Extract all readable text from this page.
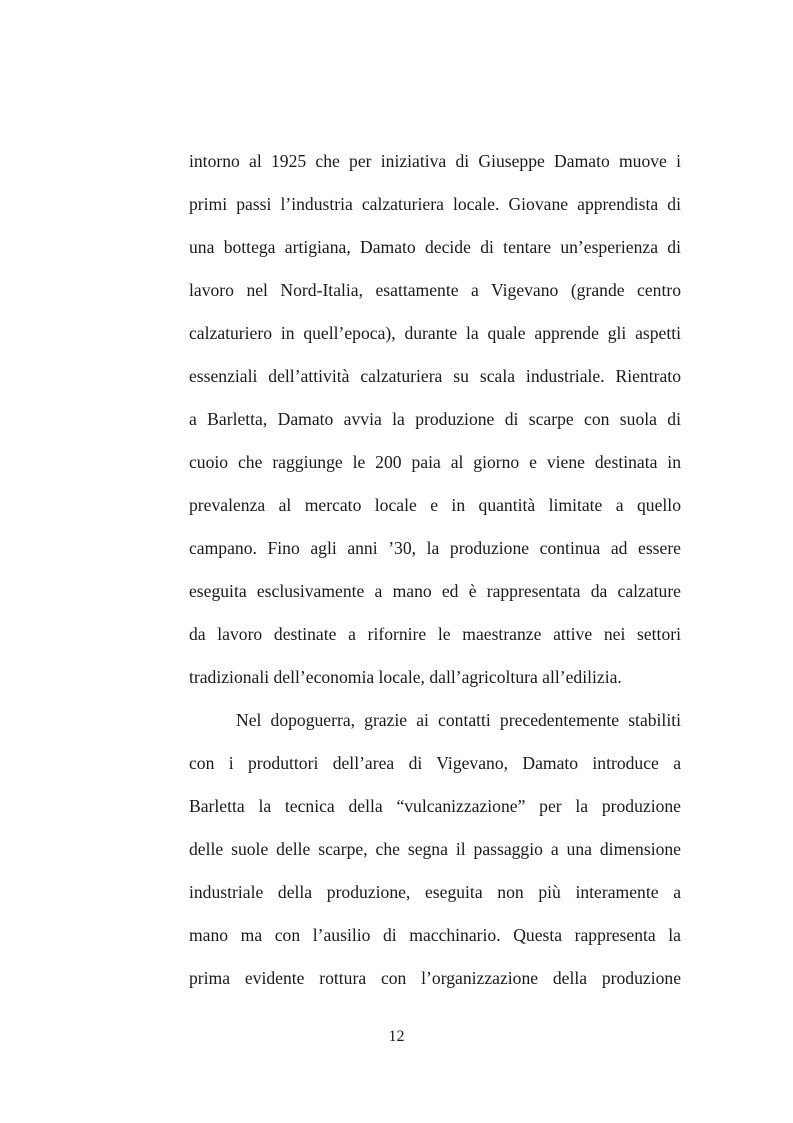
intorno al 1925 che per iniziativa di Giuseppe Damato muove i
primi passi l’industria calzaturiera locale. Giovane apprendista di
una bottega artigiana, Damato decide di tentare un’esperienza di
lavoro nel Nord-Italia, esattamente a Vigevano (grande centro
calzaturiero in quell’epoca), durante la quale apprende gli aspetti
essenziali dell’attività calzaturiera su scala industriale. Rientrato
a Barletta, Damato avvia la produzione di scarpe con suola di
cuoio che raggiunge le 200 paia al giorno e viene destinata in
prevalenza al mercato locale e in quantità limitate a quello
campano. Fino agli anni ’30, la produzione continua ad essere
eseguita esclusivamente a mano ed è rappresentata da calzature
da lavoro destinate a rifornire le maestranze attive nei settori
tradizionali dell’economia locale, dall’agricoltura all’edilizia.
Nel dopoguerra, grazie ai contatti precedentemente stabiliti
con i produttori dell’area di Vigevano, Damato introduce a
Barletta la tecnica della “vulcanizzazione” per la produzione
delle suole delle scarpe, che segna il passaggio a una dimensione
industriale della produzione, eseguita non più interamente a
mano ma con l’ausilio di macchinario. Questa rappresenta la
prima evidente rottura con l’organizzazione della produzione
12
